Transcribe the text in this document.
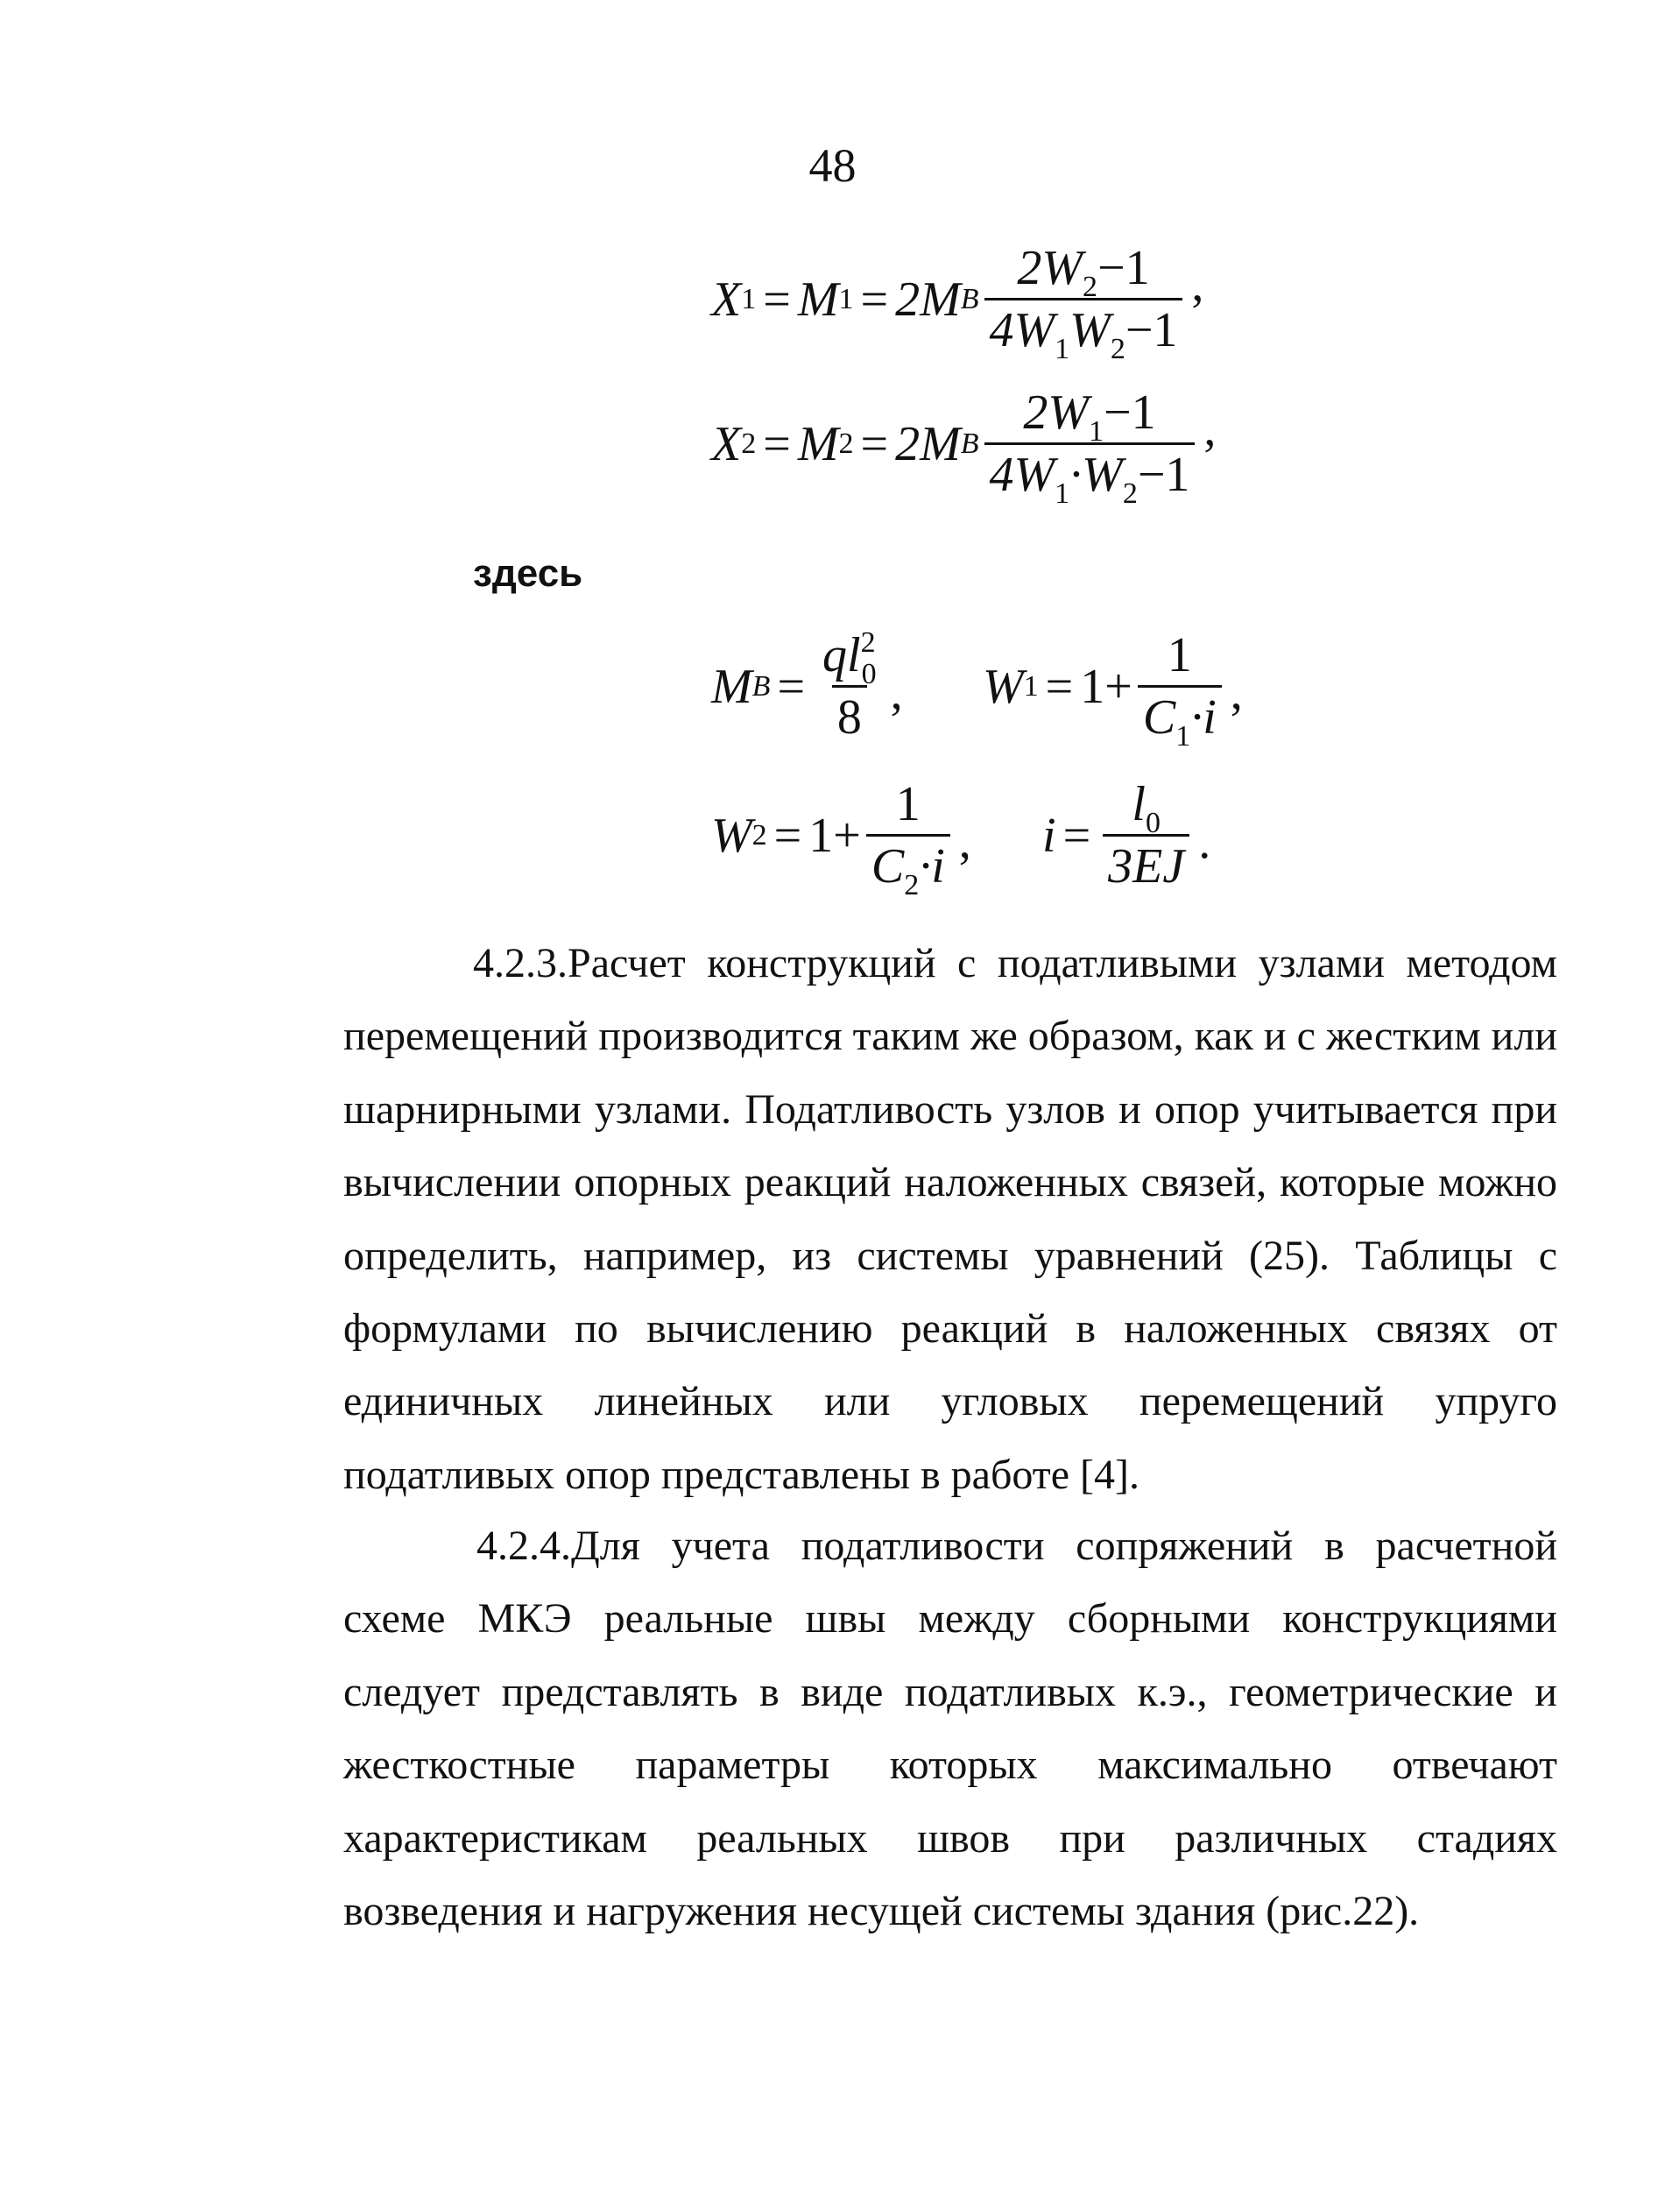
48
X 1 = M 1 = 2M B $\frac{2W_2-1}{4W_1W_2-1}$ ,
X 2 = M 2 = 2M B $\frac{2W_1-1}{4W_1\cdot W_2-1}$ ,
здесь
M $B = \frac{ql^2_0}{8}$ , W $1 = 1+ \frac{1}{C_1\cdot i}$ ,
W $2 = 1+ \frac{1}{C_2\cdot i}$ , $i = \frac{l_0}{3EJ}$ .
4.2.3.Расчет конструкций с податливыми узлами методом перемещений производится таким же образом, как и с жестким или шарнирными узлами. Податливость узлов и опор учитывается при вычислении опорных реакций наложенных связей, которые можно определить, например, из системы уравнений (25). Таблицы с формулами по вычислению реакций в наложенных связях от единичных линейных или угловых перемещений упруго податливых опор представлены в работе [4].
4.2.4.Для учета податливости сопряжений в расчетной схеме МКЭ реальные швы между сборными конструкциями следует представлять в виде податливых к.э., геометрические и жесткостные параметры которых максимально отвечают характеристикам реальных швов при различных стадиях возведения и нагружения несущей системы здания (рис.22).
